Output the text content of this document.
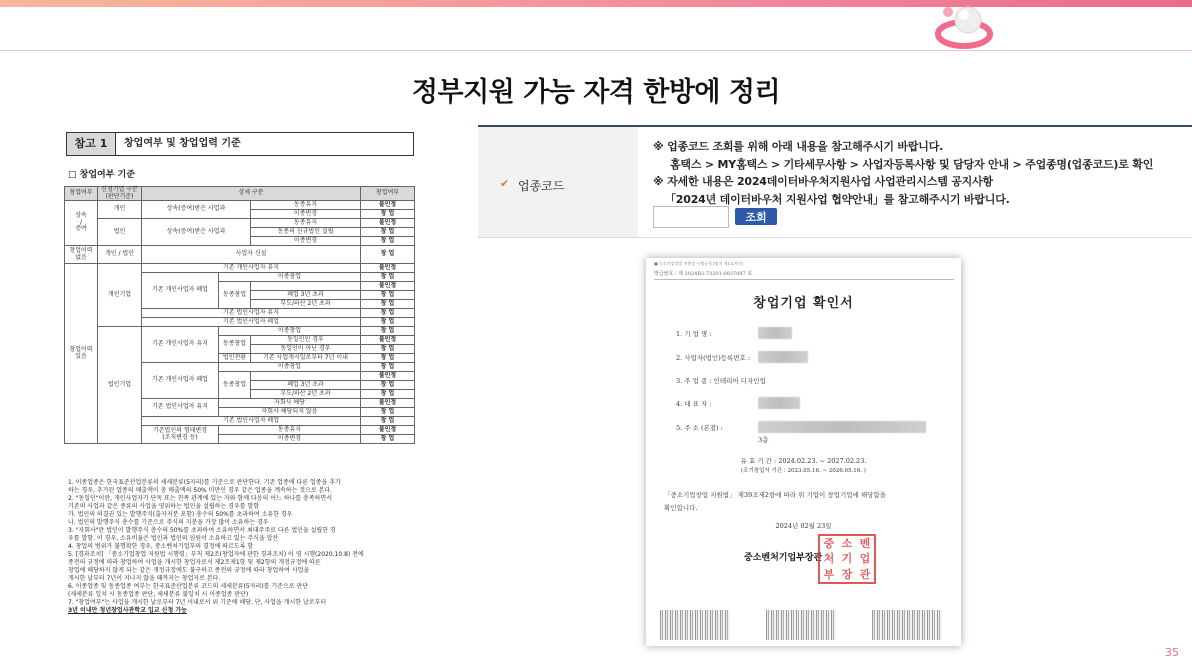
정부지원 가능 자격 한방에 정리
참고 1	창업여부 및 창업업력 기준
□ 창업여부 기준
창업여부	신청기업 구분
(판단기준)	상세 구분			창업여부
상속
/
증여	개인	상속(증여)받은 사업과		동종유지	불인정
				이종변경	창 업
	법인	상속(증여)받은 사업과		동종유지	불인정
				동종의 신규법인 설립	창 업
				이종변경	창 업
창업이력
없음	개인 / 법인	사업자 신설			창 업
창업이력
있음	개인기업	기존 개인사업자 유지			불인정
		기존 개인사업자 폐업	이종창업		창 업
			동종창업		불인정
				폐업 3년 초과	창 업
				부도/파산 2년 초과	창 업
		기존 법인사업자 유지			창 업
		기존 법인사업자 폐업			창 업
	법인기업	기존 개인사업자 유지	이종창업		창 업
			동종창업	동일인인 경우	불인정
				동일인이 아닌 경우	창 업
			법인전환	기존 사업개시일로부터 7년 이내	창 업
		기존 개인사업자 폐업	이종창업		창 업
			동종창업		불인정
				폐업 3년 초과	창 업
				부도/파산 2년 초과	창 업
		기존 법인사업자 유지	자회사 해당		불인정
			자회사 해당되지 않음		창 업
		기존 법인사업자 폐업			창 업
		기존법인의 형태변경
(조직변경 등)	동종유지		불인정
			이종변경		창 업

1. 이종업종은 한국표준산업분류의 세세분류(5자리)를 기준으로 판단한다. 기존 업종에 다른 업종을 추가

하는 경우, 추가된 업종의 매출액이 총 매출액의 50% 미만인 경우 같은 업종을 계속하는 것으로 본다.

2. "동일인"이란, 개인사업자가 단독 또는 친족 관계에 있는 자와 함께 다음의 어느 하나를 충족하면서

기존의 사업과 같은 종류의 사업을 영위하는 법인을 설립하는 경우를 말함

가. 법인의 의결권 있는 발행주식(출자지분 포함) 총수의 50%를 초과하여 소유한 경우

나. 법인의 발행주식 총수를 기준으로 주식의 지분을 가장 많이 소유하는 경우

3. "자회사"란 법인이 발행주식 총수의 50%를 초과하여 소유하면서 최대주주로 다른 법인을 설립한 경

우를 말함. 이 경우, 소유비율은 법인과 법인의 임원이 소유하고 있는 주식을 합산

4. 창업의 범위가 불명확한 경우, 중소벤처기업부의 결정에 따르도록 함

5. [경과조치] 「중소기업창업 지원법 시행령」부칙 제2조(창업자에 관한 경과조치) 이 영 시행(2020.10.8) 전에

종전의 규정에 따라 창업하여 사업을 개시한 창업자로서 제2조제1항 및 제2항의 개정규정에 따른

창업에 해당하지 않게 되는 같은 개정규정에도 불구하고 종전의 규정에 따라 창업하여 사업을

개시한 날부터 7년이 지나지 않을 때까지는 창업자로 본다.

6. 이종업종 및 동종업종 여부는 한국표준산업분류 코드의 세세분류(5자리)를 기준으로 판단

(세세분류 일치 시 동종업종 판단, 세세분류 불일치 시 이종업종 판단)

7. "창업여부"는 사업을 개시한 날로부터 7년 이내로서 위 기준에 해당. 단, 사업을 개시한 날로부터

3년 이내만 청년창업사관학교 입교 신청 가능

✔ 업종코드
※ 업종코드 조회를 위해 아래 내용을 참고해주시기 바랍니다.
홈택스 > MY홈택스 > 기타세무사항 > 사업자등록사항 및 담당자 안내 > 주업종명(업종코드)로 확인
※ 자세한 내용은 2024데이터바우처지원사업 사업관리시스템 공지사항
「2024년 데이터바우처 지원사업 협약안내」를 참고해주시기 바랍니다.
조회
■ 중소기업창업 지원법 시행규칙 [별지 제1호서식]
발급번호 : 제 2024B2-73201-0037097 호
창업기업 확인서
1. 기 업 명 :
2. 사업자(법인)등록번호 :
3. 주 업 종 : 인테리어 디자인업
4. 대 표 자 :
5. 주 소 (본점) :
3층
유 효 기 간 : 2024.02.23. ~ 2027.02.23.
(조기창업자 기간 : 2023.05.16. ~ 2026.05.16. )
「중소기업창업 지원법」 제39조제2항에 따라 위 기업이 창업기업에 해당함을
확인합니다.
2024년 02월 23일
중소벤처기업부장관
중 소 벤
처 기 업
부 장 관
35
